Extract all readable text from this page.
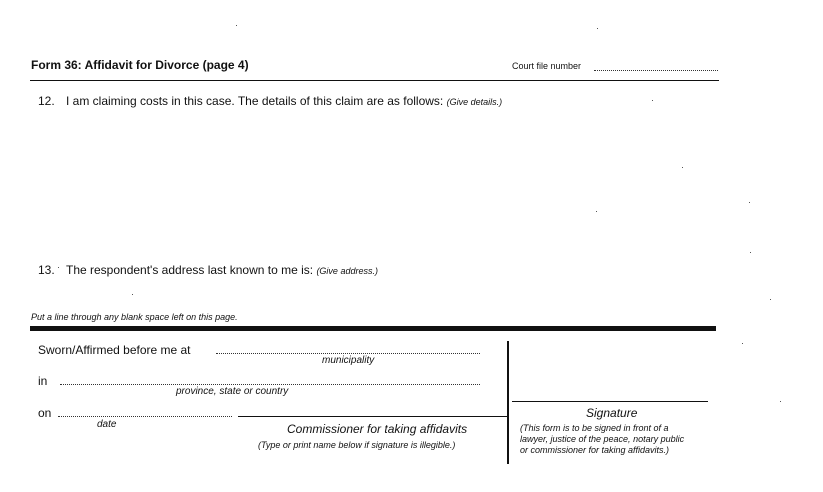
Form 36: Affidavit for Divorce (page 4)	Court file number
12. I am claiming costs in this case. The details of this claim are as follows: (Give details.)
13. The respondent's address last known to me is: (Give address.)
Put a line through any blank space left on this page.
Sworn/Affirmed before me at
municipality
in
province, state or country
on
date	Commissioner for taking affidavits
(Type or print name below if signature is illegible.)
Signature
(This form is to be signed in front of a
lawyer, justice of the peace, notary public
or commissioner for taking affidavits.)
